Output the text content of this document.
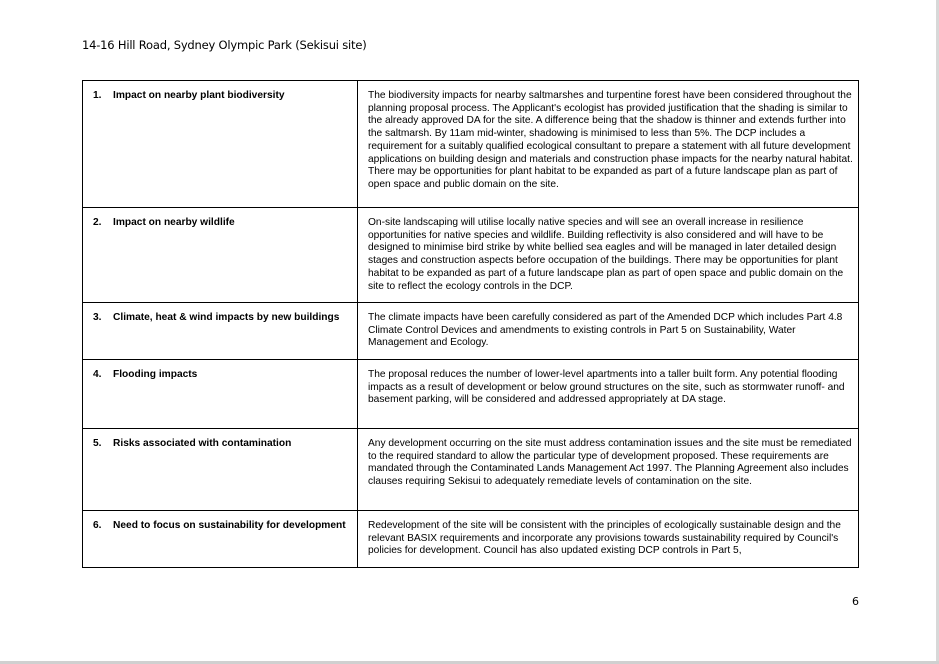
14-16 Hill Road, Sydney Olympic Park (Sekisui site)
1. Impact on nearby plant biodiversity	The biodiversity impacts for nearby saltmarshes and turpentine forest have been considered throughout the planning proposal process. The Applicant's ecologist has provided justification that the shading is similar to the already approved DA for the site. A difference being that the shadow is thinner and extends further into the saltmarsh. By 11am mid-winter, shadowing is minimised to less than 5%. The DCP includes a requirement for a suitably qualified ecological consultant to prepare a statement with all future development applications on building design and materials and construction phase impacts for the nearby natural habitat. There may be opportunities for plant habitat to be expanded as part of a future landscape plan as part of open space and public domain on the site.

2. Impact on nearby wildlife	On-site landscaping will utilise locally native species and will see an overall increase in resilience opportunities for native species and wildlife. Building reflectivity is also considered and will have to be designed to minimise bird strike by white bellied sea eagles and will be managed in later detailed design stages and construction aspects before occupation of the buildings. There may be opportunities for plant habitat to be expanded as part of a future landscape plan as part of open space and public domain on the site to reflect the ecology controls in the DCP.

3. Climate, heat & wind impacts by new buildings	The climate impacts have been carefully considered as part of the Amended DCP which includes Part 4.8 Climate Control Devices and amendments to existing controls in Part 5 on Sustainability, Water Management and Ecology.

4. Flooding impacts	The proposal reduces the number of lower-level apartments into a taller built form. Any potential flooding impacts as a result of development or below ground structures on the site, such as stormwater runoff- and basement parking, will be considered and addressed appropriately at DA stage.

5. Risks associated with contamination	Any development occurring on the site must address contamination issues and the site must be remediated to the required standard to allow the particular type of development proposed. These requirements are mandated through the Contaminated Lands Management Act 1997. The Planning Agreement also includes clauses requiring Sekisui to adequately remediate levels of contamination on the site.

6. Need to focus on sustainability for development	Redevelopment of the site will be consistent with the principles of ecologically sustainable design and the relevant BASIX requirements and incorporate any provisions towards sustainability required by Council's policies for development. Council has also updated existing DCP controls in Part 5,
6
